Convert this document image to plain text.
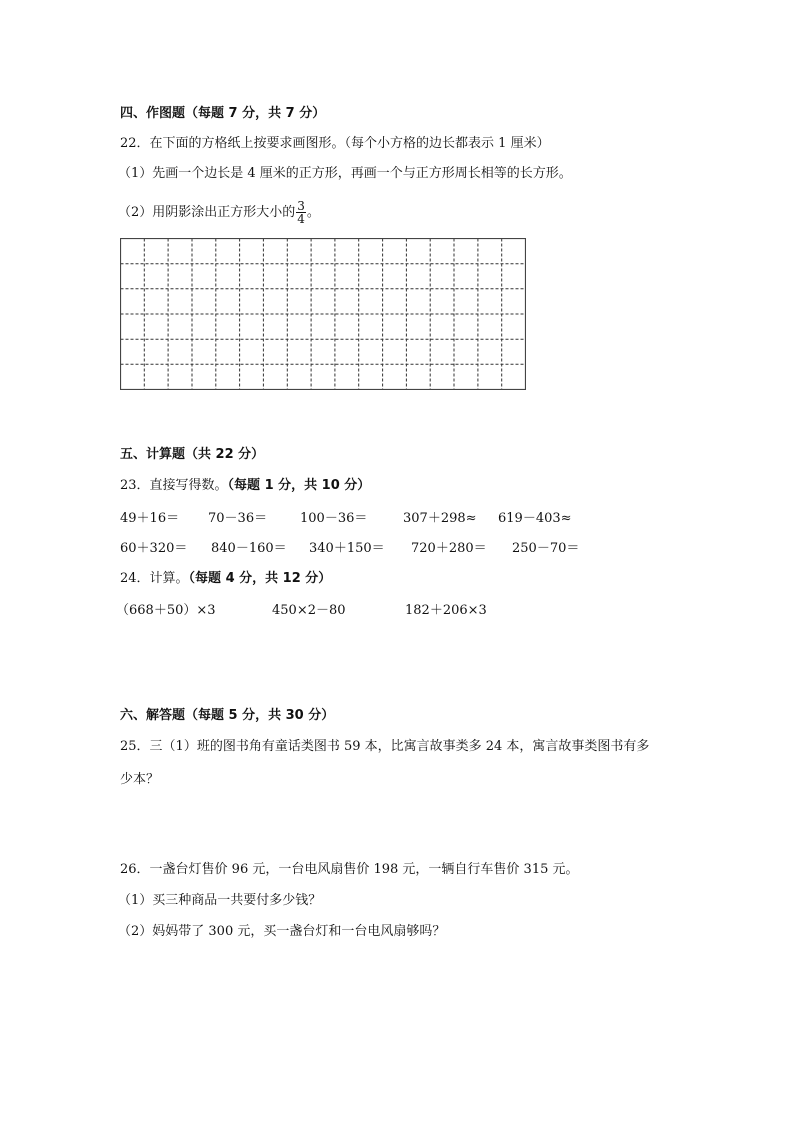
四、作图题（每题 7 分，共 7 分）
22．在下面的方格纸上按要求画图形。（每个小方格的边长都表示 1 厘米）
（1）先画一个边长是 4 厘米的正方形，再画一个与正方形周长相等的长方形。
（2）用阴影涂出正方形大小的 $\frac{3}{4}$ 。
五、计算题（共 22 分）
23．直接写得数。（每题 1 分，共 10 分）
49＋16＝ 70－36＝	100－36＝	307＋298≈ 619－403≈
60＋320＝ 840－160＝ 340＋150＝ 720＋280＝ 250－70＝
24．计算。（每题 4 分，共 12 分）
（668＋50）×3	450×2－80	182＋206×3
六、解答题（每题 5 分，共 30 分）
25．三（1）班的图书角有童话类图书 59 本，比寓言故事类多 24 本，寓言故事类图书有多
少本？
26．一盏台灯售价 96 元，一台电风扇售价 198 元，一辆自行车售价 315 元。
（1）买三种商品一共要付多少钱？
（2）妈妈带了 300 元，买一盏台灯和一台电风扇够吗？
